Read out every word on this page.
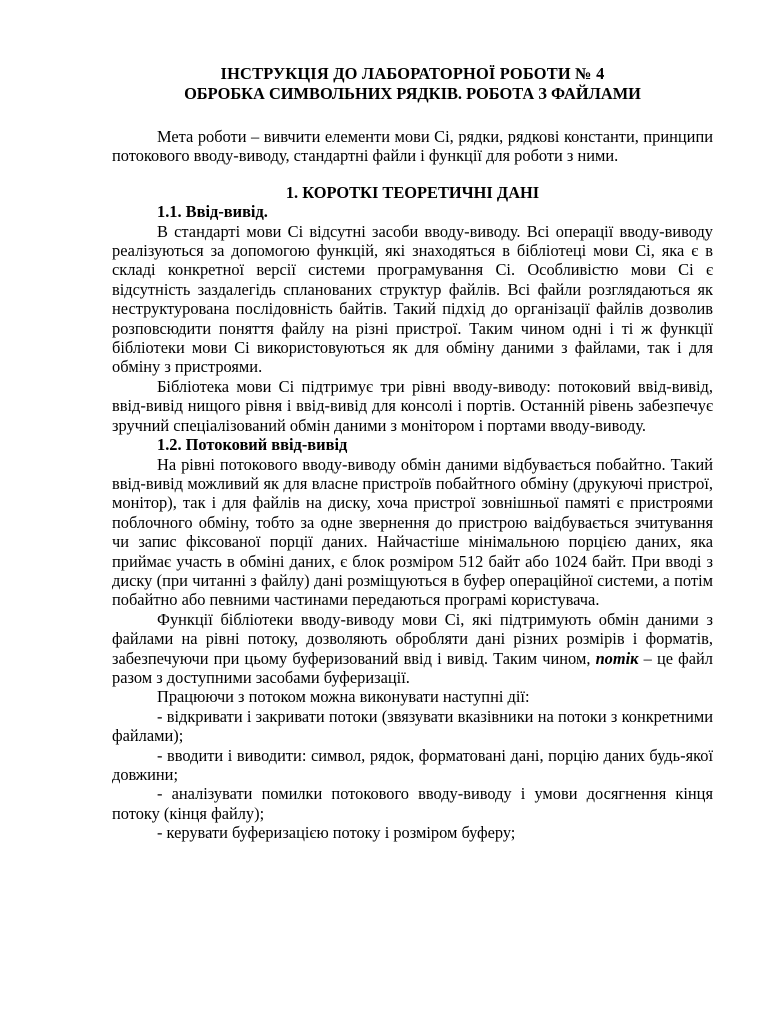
ІНСТРУКЦІЯ ДО ЛАБОРАТОРНОЇ РОБОТИ № 4
ОБРОБКА СИМВОЛЬНИХ РЯДКІВ. РОБОТА З ФАЙЛАМИ

Мета роботи – вивчити елементи мови Сі, рядки, рядкові константи, принципи потокового вводу-виводу, стандартні файли і функції для роботи з ними.

1. КОРОТКІ ТЕОРЕТИЧНІ ДАНІ
1.1. Ввід-вивід.

В стандарті мови Сі відсутні засоби вводу-виводу. Всі операції вводу-виводу реалізуються за допомогою функцій, які знаходяться в бібліотеці мови Сі, яка є в складі конкретної версії системи програмування Сі. Особливістю мови Сі є відсутність заздалегідь спланованих структур файлів. Всі файли розглядаються як неструктурована послідовність байтів. Такий підхід до організації файлів дозволив розповсюдити поняття файлу на різні пристрої. Таким чином одні і ті ж функції бібліотеки мови Сі використовуються як для обміну даними з файлами, так і для обміну з пристроями.

Бібліотека мови Сі підтримує три рівні вводу-виводу: потоковий ввід-вивід, ввід-вивід нищого рівня і ввід-вивід для консолі і портів. Останній рівень забезпечує зручний спеціалізований обмін даними з монітором і портами вводу-виводу.

1.2. Потоковий ввід-вивід

На рівні потокового вводу-виводу обмін даними відбувається побайтно. Такий ввід-вивід можливий як для власне пристроїв побайтного обміну (друкуючі пристрої, монітор), так і для файлів на диску, хоча пристрої зовнішньої памяті є пристроями поблочного обміну, тобто за одне звернення до пристрою ваідбувається зчитування чи запис фіксованої порції даних. Найчастіше мінімальною порцією даних, яка приймає участь в обміні даних, є блок розміром 512 байт або 1024 байт. При вводі з диску (при читанні з файлу) дані розміщуються в буфер операційної системи, а потім побайтно або певними частинами передаються програмі користувача.

Функції бібліотеки вводу-виводу мови Сі, які підтримують обмін даними з файлами на рівні потоку, дозволяють обробляти дані різних розмірів і форматів, забезпечуючи при цьому буферизований ввід і вивід. Таким чином, потік – це файл разом з доступними засобами буферизації.

Працюючи з потоком можна виконувати наступні дії:

- відкривати і закривати потоки (звязувати вказівники на потоки з конкретними файлами);

- вводити і виводити: символ, рядок, форматовані дані, порцію даних будь-якої довжини;

- аналізувати помилки потокового вводу-виводу і умови досягнення кінця потоку (кінця файлу);

- керувати буферизацією потоку і розміром буферу;
